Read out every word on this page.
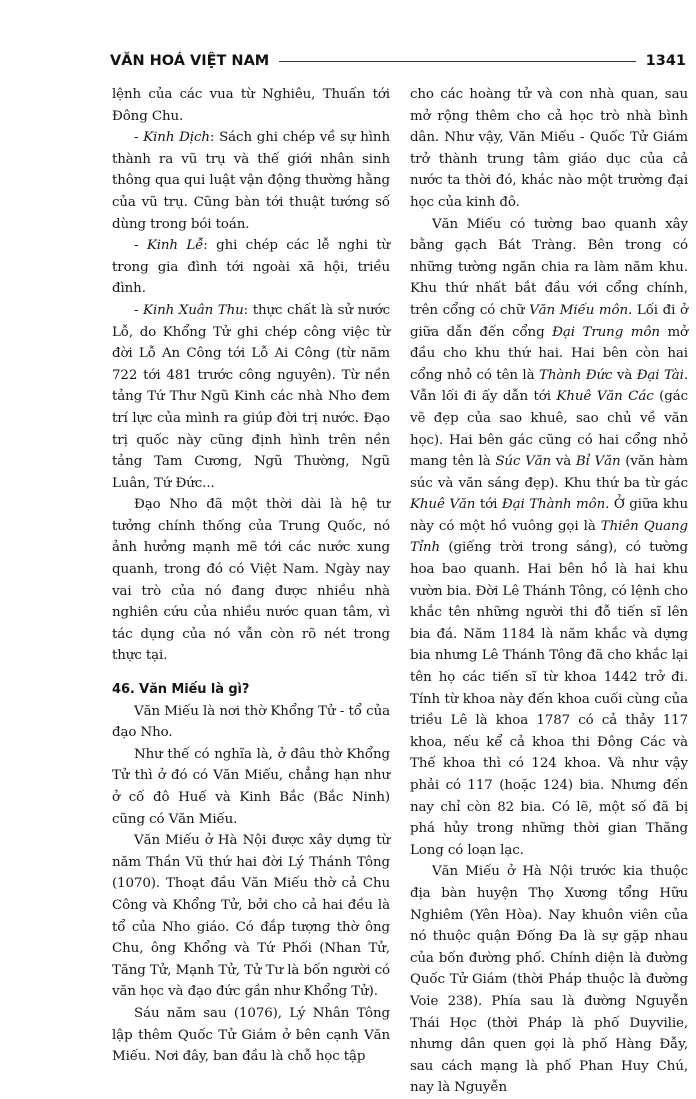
VĂN HOÁ VIỆT NAM	1341

lệnh của các vua từ Nghiêu, Thuấn tới Đông Chu.

- Kinh Dịch: Sách ghi chép về sự hình thành ra vũ trụ và thế giới nhân sinh thông qua qui luật vận động thường hằng của vũ trụ. Cũng bàn tới thuật tướng số dùng trong bói toán.

- Kinh Lễ: ghi chép các lễ nghi từ trong gia đình tới ngoài xã hội, triều đình.

- Kinh Xuân Thu: thực chất là sử nước Lỗ, do Khổng Tử ghi chép công việc từ đời Lỗ An Công tới Lỗ Ai Công (từ năm 722 tới 481 trước công nguyên). Từ nền tảng Tứ Thư Ngũ Kinh các nhà Nho đem trí lực của mình ra giúp đời trị nước. Đạo trị quốc này cũng định hình trên nền tảng Tam Cương, Ngũ Thường, Ngũ Luân, Tứ Đức...

Đạo Nho đã một thời dài là hệ tư tưởng chính thống của Trung Quốc, nó ảnh hưởng mạnh mẽ tới các nước xung quanh, trong đó có Việt Nam. Ngày nay vai trò của nó đang được nhiều nhà nghiên cứu của nhiều nước quan tâm, vì tác dụng của nó vẫn còn rõ nét trong thực tại.

46. Văn Miếu là gì?

Văn Miếu là nơi thờ Khổng Tử - tổ của đạo Nho.

Như thế có nghĩa là, ở đâu thờ Khổng Tử thì ở đó có Văn Miếu, chẳng hạn như ở cố đô Huế và Kinh Bắc (Bắc Ninh) cũng có Văn Miếu.

Văn Miếu ở Hà Nội được xây dựng từ năm Thần Vũ thứ hai đời Lý Thánh Tông (1070). Thoạt đầu Văn Miếu thờ cả Chu Công và Khổng Tử, bởi cho cả hai đều là tổ của Nho giáo. Có đắp tượng thờ ông Chu, ông Khổng và Tứ Phối (Nhan Tử, Tăng Tử, Mạnh Tử, Tử Tư là bốn người có văn học và đạo đức gần như Khổng Tử).

Sáu năm sau (1076), Lý Nhân Tông lập thêm Quốc Tử Giám ở bên cạnh Văn Miếu. Nơi đây, ban đầu là chỗ học tập

cho các hoàng tử và con nhà quan, sau mở rộng thêm cho cả học trò nhà bình dân. Như vậy, Văn Miếu - Quốc Tử Giám trở thành trung tâm giáo dục của cả nước ta thời đó, khác nào một trường đại học của kinh đô.

Văn Miếu có tường bao quanh xây bằng gạch Bát Tràng. Bên trong có những tường ngăn chia ra làm năm khu. Khu thứ nhất bắt đầu với cổng chính, trên cổng có chữ Văn Miếu môn. Lối đi ở giữa dẫn đến cổng Đại Trung môn mở đầu cho khu thứ hai. Hai bên còn hai cổng nhỏ có tên là Thành Đức và Đại Tài. Vẫn lối đi ấy dẫn tới Khuê Văn Các (gác vẽ đẹp của sao khuê, sao chủ về văn học). Hai bên gác cũng có hai cổng nhỏ mang tên là Súc Văn và Bỉ Văn (văn hàm súc và văn sáng đẹp). Khu thứ ba từ gác Khuê Văn tới Đại Thành môn. Ở giữa khu này có một hồ vuông gọi là Thiên Quang Tỉnh (giếng trời trong sáng), có tường hoa bao quanh. Hai bên hồ là hai khu vườn bia. Đời Lê Thánh Tông, có lệnh cho khắc tên những người thi đỗ tiến sĩ lên bia đá. Năm 1184 là năm khắc và dựng bia nhưng Lê Thánh Tông đã cho khắc lại tên họ các tiến sĩ từ khoa 1442 trở đi. Tính từ khoa này đến khoa cuối cùng của triều Lê là khoa 1787 có cả thảy 117 khoa, nếu kể cả khoa thi Đông Các và Thế khoa thì có 124 khoa. Và như vậy phải có 117 (hoặc 124) bia. Nhưng đến nay chỉ còn 82 bia. Có lẽ, một số đã bị phá hủy trong những thời gian Thăng Long có loạn lạc.

Văn Miếu ở Hà Nội trước kia thuộc địa bàn huyện Thọ Xương tổng Hữu Nghiêm (Yên Hòa). Nay khuôn viên của nó thuộc quận Đống Đa là sự gặp nhau của bốn đường phố. Chính diện là đường Quốc Tử Giám (thời Pháp thuộc là đường Voie 238). Phía sau là đường Nguyễn Thái Học (thời Pháp là phố Duyvilie, nhưng dân quen gọi là phố Hàng Đẫy, sau cách mạng là phố Phan Huy Chú, nay là Nguyễn
